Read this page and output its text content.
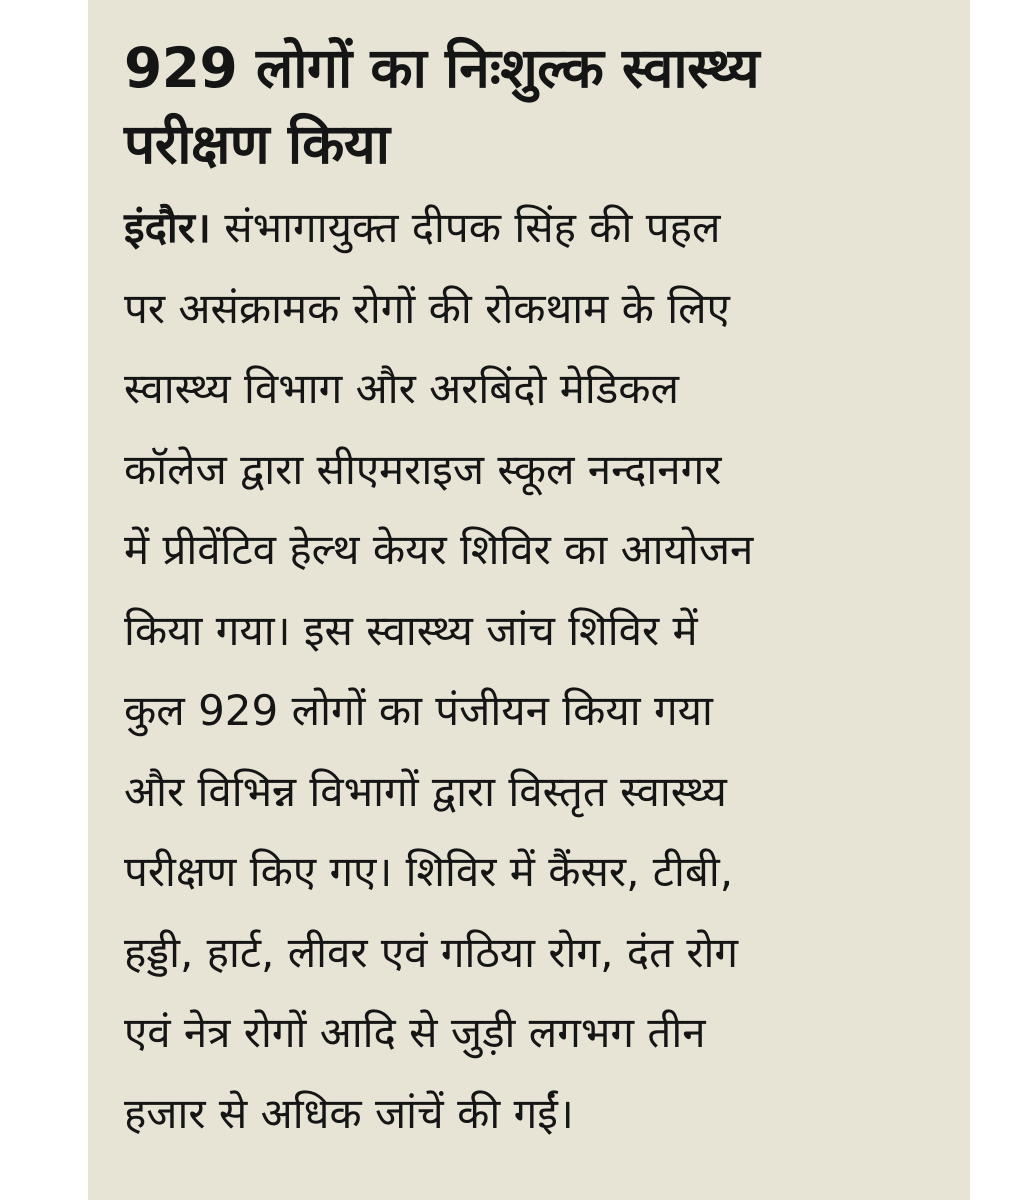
929 लोगों का निःशुल्क स्वास्थ्य
परीक्षण किया
इंदौर। संभागायुक्त दीपक सिंह की पहल
पर असंक्रामक रोगों की रोकथाम के लिए
स्वास्थ्य विभाग और अरबिंदो मेडिकल
कॉलेज द्वारा सीएमराइज स्कूल नन्दानगर
में प्रीवेंटिव हेल्थ केयर शिविर का आयोजन
किया गया। इस स्वास्थ्य जांच शिविर में
कुल 929 लोगों का पंजीयन किया गया
और विभिन्न विभागों द्वारा विस्तृत स्वास्थ्य
परीक्षण किए गए। शिविर में कैंसर, टीबी,
हड्डी, हार्ट, लीवर एवं गठिया रोग, दंत रोग
एवं नेत्र रोगों आदि से जुड़ी लगभग तीन
हजार से अधिक जांचें की गईं।
